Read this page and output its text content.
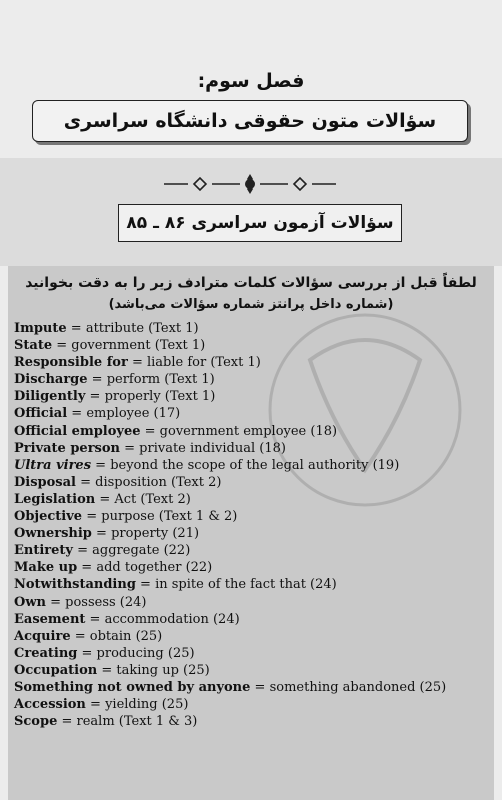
فصل سوم:
سؤالات متون حقوقی دانشگاه سراسری
سؤالات آزمون سراسری ۸۶ ـ ۸۵
لطفاً قبل از بررسی سؤالات کلمات مترادف زیر را به دقت بخوانید
(شماره داخل پرانتز شماره سؤالات می‌باشد)
Impute = attribute (Text 1)
State = government (Text 1)
Responsible for = liable for (Text 1)
Discharge = perform (Text 1)
Diligently = properly (Text 1)
Official = employee (17)
Official employee = government employee (18)
Private person = private individual (18)
Ultra vires = beyond the scope of the legal authority (19)
Disposal = disposition (Text 2)
Legislation = Act (Text 2)
Objective = purpose (Text 1 & 2)
Ownership = property (21)
Entirety = aggregate (22)
Make up = add together (22)
Notwithstanding = in spite of the fact that (24)
Own = possess (24)
Easement = accommodation (24)
Acquire = obtain (25)
Creating = producing (25)
Occupation = taking up (25)
Something not owned by anyone = something abandoned (25)
Accession = yielding (25)
Scope = realm (Text 1 & 3)
